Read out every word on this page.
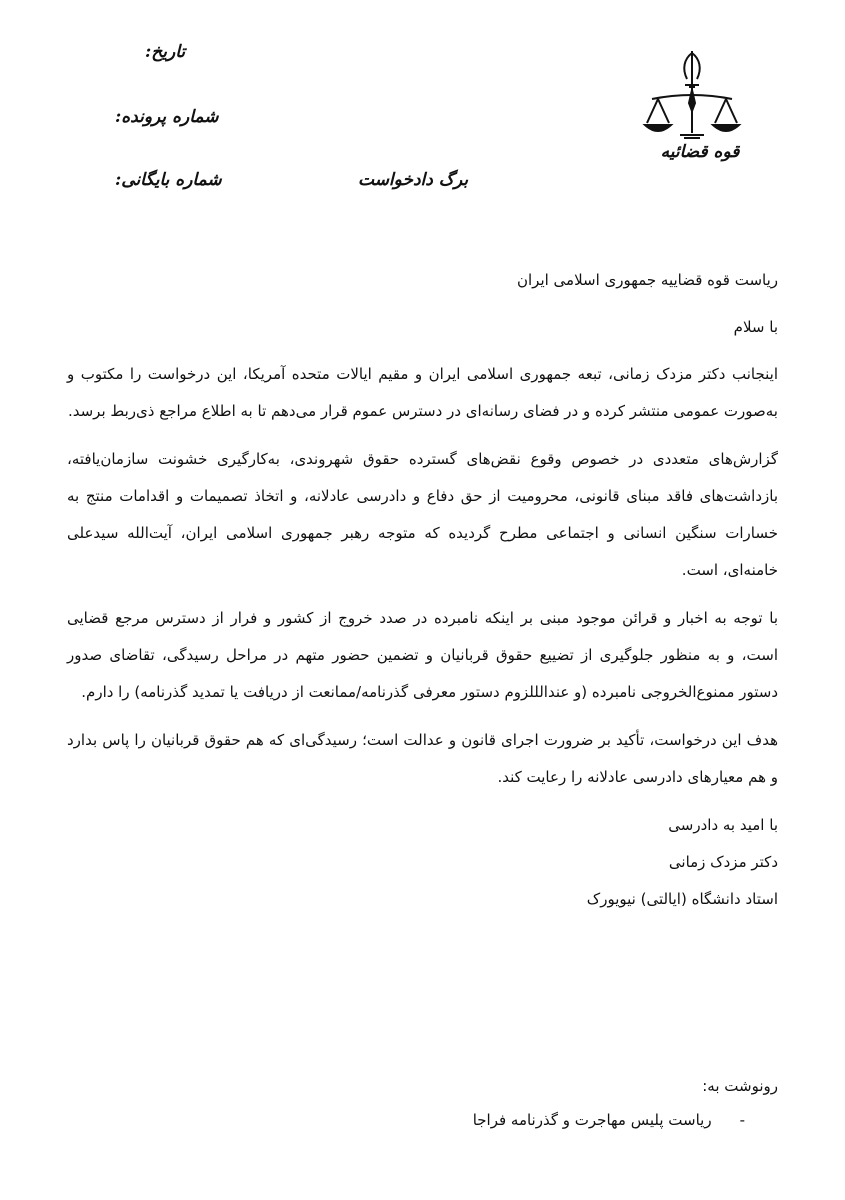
قوه قضائیه
تاریخ:
شماره پرونده:
شماره بایگانی:	برگ دادخواست

ریاست قوه قضاییه جمهوری اسلامی ایران

با سلام

اینجانب دکتر مزدک زمانی، تبعه جمهوری اسلامی ایران و مقیم ایالات متحده آمریکا، این درخواست را مکتوب و به‌صورت عمومی منتشر کرده و در فضای رسانه‌ای در دسترس عموم قرار می‌دهم تا به اطلاع مراجع ذی‌ربط برسد.

گزارش‌های متعددی در خصوص وقوع نقض‌های گسترده حقوق شهروندی، به‌کارگیری خشونت سازمان‌یافته، بازداشت‌های فاقد مبنای قانونی، محرومیت از حق دفاع و دادرسی عادلانه، و اتخاذ تصمیمات و اقدامات منتج به خسارات سنگین انسانی و اجتماعی مطرح گردیده که متوجه رهبر جمهوری اسلامی ایران، آیت‌الله سیدعلی خامنه‌ای، است.

با توجه به اخبار و قرائن موجود مبنی بر اینکه نامبرده در صدد خروج از کشور و فرار از دسترس مرجع قضایی است، و به منظور جلوگیری از تضییع حقوق قربانیان و تضمین حضور متهم در مراحل رسیدگی، تقاضای صدور دستور ممنوع‌الخروجی نامبرده (و عندالللزوم دستور معرفی گذرنامه/ممانعت از دریافت یا تمدید گذرنامه) را دارم.

هدف این درخواست، تأکید بر ضرورت اجرای قانون و عدالت است؛ رسیدگی‌ای که هم حقوق قربانیان را پاس بدارد و هم معیارهای دادرسی عادلانه را رعایت کند.

با امید به دادرسی

دکتر مزدک زمانی

استاد دانشگاه (ایالتی) نیویورک

رونوشت به:
-
ریاست پلیس مهاجرت و گذرنامه فراجا
